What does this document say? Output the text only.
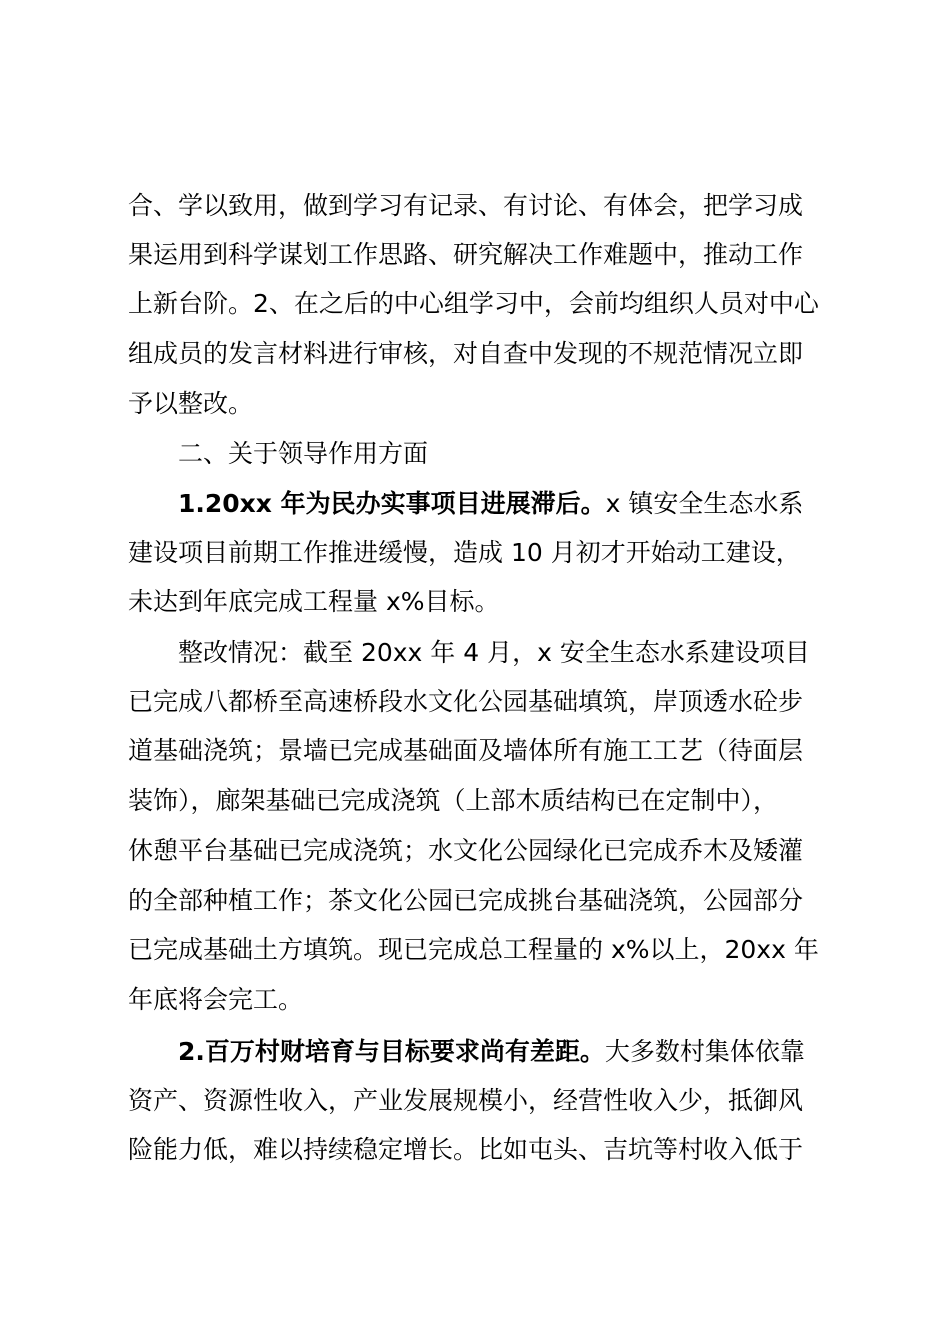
合、学以致用，做到学习有记录、有讨论、有体会，把学习成
果运用到科学谋划工作思路、研究解决工作难题中，推动工作
上新台阶。2、在之后的中心组学习中，会前均组织人员对中心
组成员的发言材料进行审核，对自查中发现的不规范情况立即
予以整改。
二、关于领导作用方面
1.20xx 年为民办实事项目进展滞后。x 镇安全生态水系
建设项目前期工作推进缓慢，造成 10 月初才开始动工建设，
未达到年底完成工程量 x%目标。
整改情况：截至 20xx 年 4 月，x 安全生态水系建设项目
已完成八都桥至高速桥段水文化公园基础填筑，岸顶透水砼步
道基础浇筑；景墙已完成基础面及墙体所有施工工艺（待面层
装饰），廊架基础已完成浇筑（上部木质结构已在定制中），
休憩平台基础已完成浇筑；水文化公园绿化已完成乔木及矮灌
的全部种植工作；茶文化公园已完成挑台基础浇筑，公园部分
已完成基础土方填筑。现已完成总工程量的 x%以上，20xx 年
年底将会完工。
2.百万村财培育与目标要求尚有差距。大多数村集体依靠
资产、资源性收入，产业发展规模小，经营性收入少，抵御风
险能力低，难以持续稳定增长。比如屯头、吉坑等村收入低于
